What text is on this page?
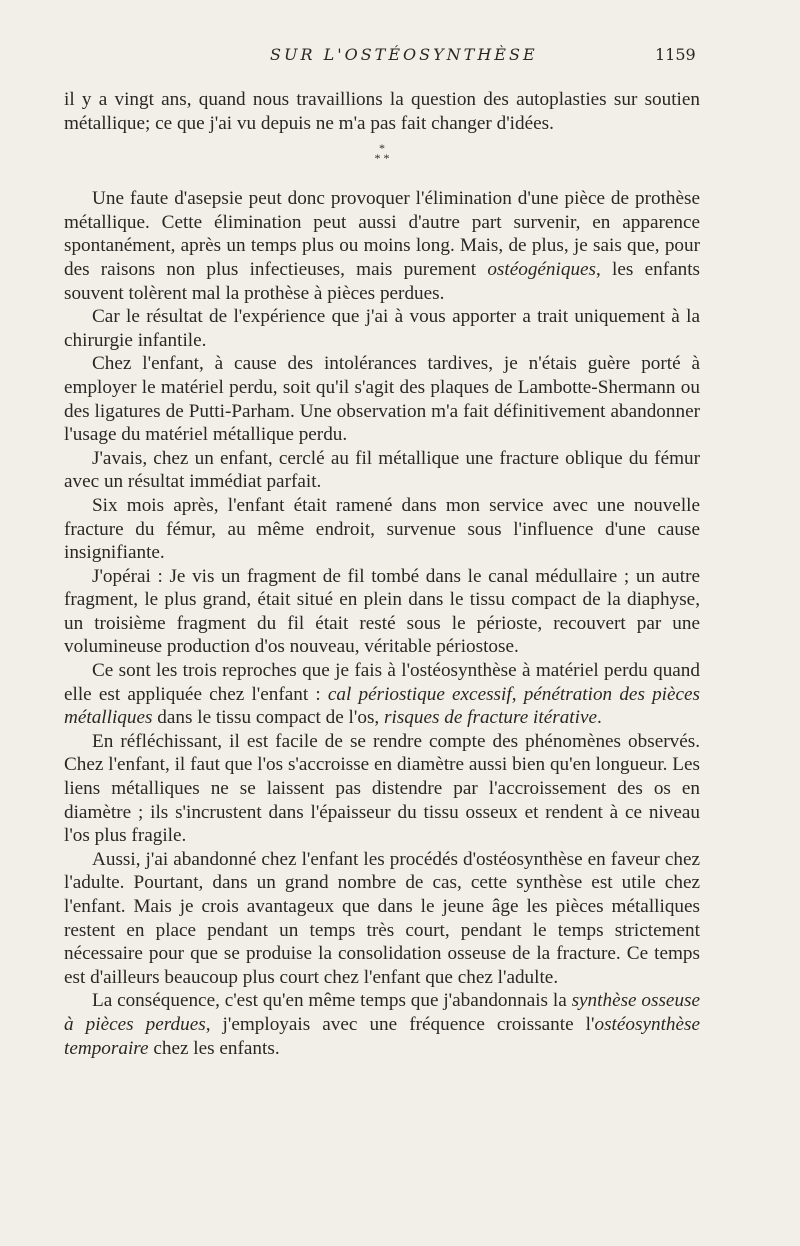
SUR L'OSTÉOSYNTHÈSE	1159

il y a vingt ans, quand nous travaillions la question des autoplasties sur soutien métallique; ce que j'ai vu depuis ne m'a pas fait changer d'idées.

*
* *

Une faute d'asepsie peut donc provoquer l'élimination d'une pièce de prothèse métallique. Cette élimination peut aussi d'autre part survenir, en apparence spontanément, après un temps plus ou moins long. Mais, de plus, je sais que, pour des raisons non plus infectieuses, mais purement ostéogéniques, les enfants souvent tolèrent mal la prothèse à pièces perdues.

Car le résultat de l'expérience que j'ai à vous apporter a trait uniquement à la chirurgie infantile.

Chez l'enfant, à cause des intolérances tardives, je n'étais guère porté à employer le matériel perdu, soit qu'il s'agit des plaques de Lambotte-Shermann ou des ligatures de Putti-Parham. Une observation m'a fait définitivement abandonner l'usage du matériel métallique perdu.

J'avais, chez un enfant, cerclé au fil métallique une fracture oblique du fémur avec un résultat immédiat parfait.

Six mois après, l'enfant était ramené dans mon service avec une nouvelle fracture du fémur, au même endroit, survenue sous l'influence d'une cause insignifiante.

J'opérai : Je vis un fragment de fil tombé dans le canal médullaire ; un autre fragment, le plus grand, était situé en plein dans le tissu compact de la diaphyse, un troisième fragment du fil était resté sous le périoste, recouvert par une volumineuse production d'os nouveau, véritable périostose.

Ce sont les trois reproches que je fais à l'ostéosynthèse à matériel perdu quand elle est appliquée chez l'enfant : cal périostique excessif, pénétration des pièces métalliques dans le tissu compact de l'os, risques de fracture itérative.

En réfléchissant, il est facile de se rendre compte des phénomènes observés. Chez l'enfant, il faut que l'os s'accroisse en diamètre aussi bien qu'en longueur. Les liens métalliques ne se laissent pas distendre par l'accroissement des os en diamètre ; ils s'incrustent dans l'épaisseur du tissu osseux et rendent à ce niveau l'os plus fragile.

Aussi, j'ai abandonné chez l'enfant les procédés d'ostéosynthèse en faveur chez l'adulte. Pourtant, dans un grand nombre de cas, cette synthèse est utile chez l'enfant. Mais je crois avantageux que dans le jeune âge les pièces métalliques restent en place pendant un temps très court, pendant le temps strictement nécessaire pour que se produise la consolidation osseuse de la fracture. Ce temps est d'ailleurs beaucoup plus court chez l'enfant que chez l'adulte.

La conséquence, c'est qu'en même temps que j'abandonnais la synthèse osseuse à pièces perdues, j'employais avec une fréquence croissante l'ostéosynthèse temporaire chez les enfants.
